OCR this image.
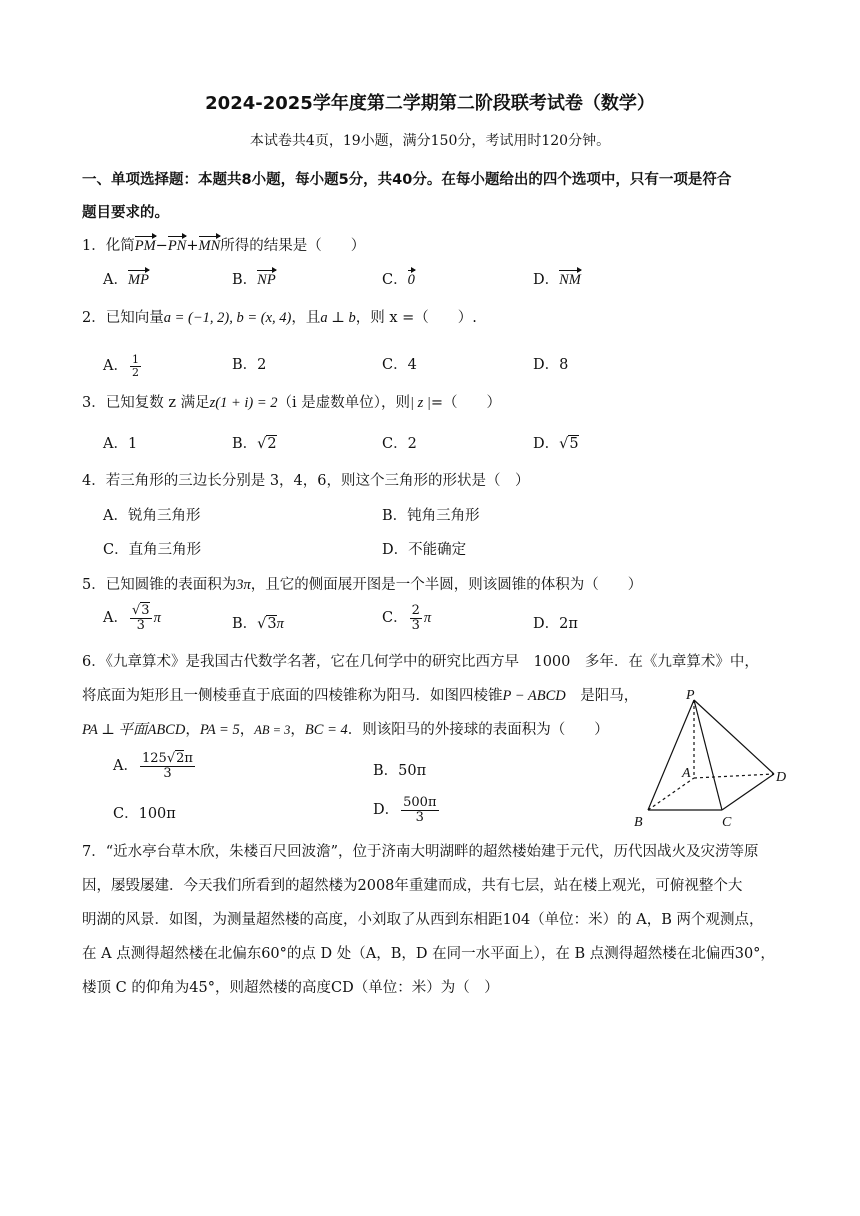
2024-2025学年度第二学期第二阶段联考试卷（数学）
本试卷共4页，19小题，满分150分，考试用时120分钟。
一、单项选择题：本题共8小题，每小题5分，共40分。在每小题给出的四个选项中，只有一项是符合
题目要求的。
1．化简PM−PN+MN所得的结果是（　　）
A．MP	B．NP	C．0	D．NM
2．已知向量a = (−1, 2), b = (x, 4)，且a ⊥ b，则 x =（　　）.
A． $\frac{1}{2}$	B．2	C．4	D．8
3．已知复数 z 满足z(1 + i) = 2（i 是虚数单位），则| z |=（　　）
A．1	B．√2	C．2	D．√5
4．若三角形的三边长分别是 3，4，6，则这个三角形的形状是（　）
A．锐角三角形	B．钝角三角形
C．直角三角形	D．不能确定
5．已知圆锥的表面积为3π，且它的侧面展开图是一个半圆，则该圆锥的体积为（　　）
A． $\frac{√3}{3}$ π	B．√3π	C． $\frac{2}{3}$ π	D．2π
6．《九章算术》是我国古代数学名著，它在几何学中的研究比西方早　1000　多年．在《九章算术》中，
将底面为矩形且一侧棱垂直于底面的四棱锥称为阳马．如图四棱锥P − ABCD　是阳马，
PA ⊥ 平面ABCD，PA = 5，AB = 3，BC = 4．则该阳马的外接球的表面积为（　　）
A． $\frac{125√2\pi}{3}$	B．50π
C．100π	D． $\frac{500\pi}{3}$
P
A
B	C
D
7．“近水亭台草木欣，朱楼百尺回波澹”，位于济南大明湖畔的超然楼始建于元代，历代因战火及灾涝等原
因，屡毁屡建．今天我们所看到的超然楼为2008年重建而成，共有七层，站在楼上观光，可俯视整个大
明湖的风景．如图，为测量超然楼的高度，小刘取了从西到东相距104（单位：米）的 A，B 两个观测点，
在 A 点测得超然楼在北偏东60°的点 D 处（A，B，D 在同一水平面上），在 B 点测得超然楼在北偏西30°，
楼顶 C 的仰角为45°，则超然楼的高度CD（单位：米）为（　）
